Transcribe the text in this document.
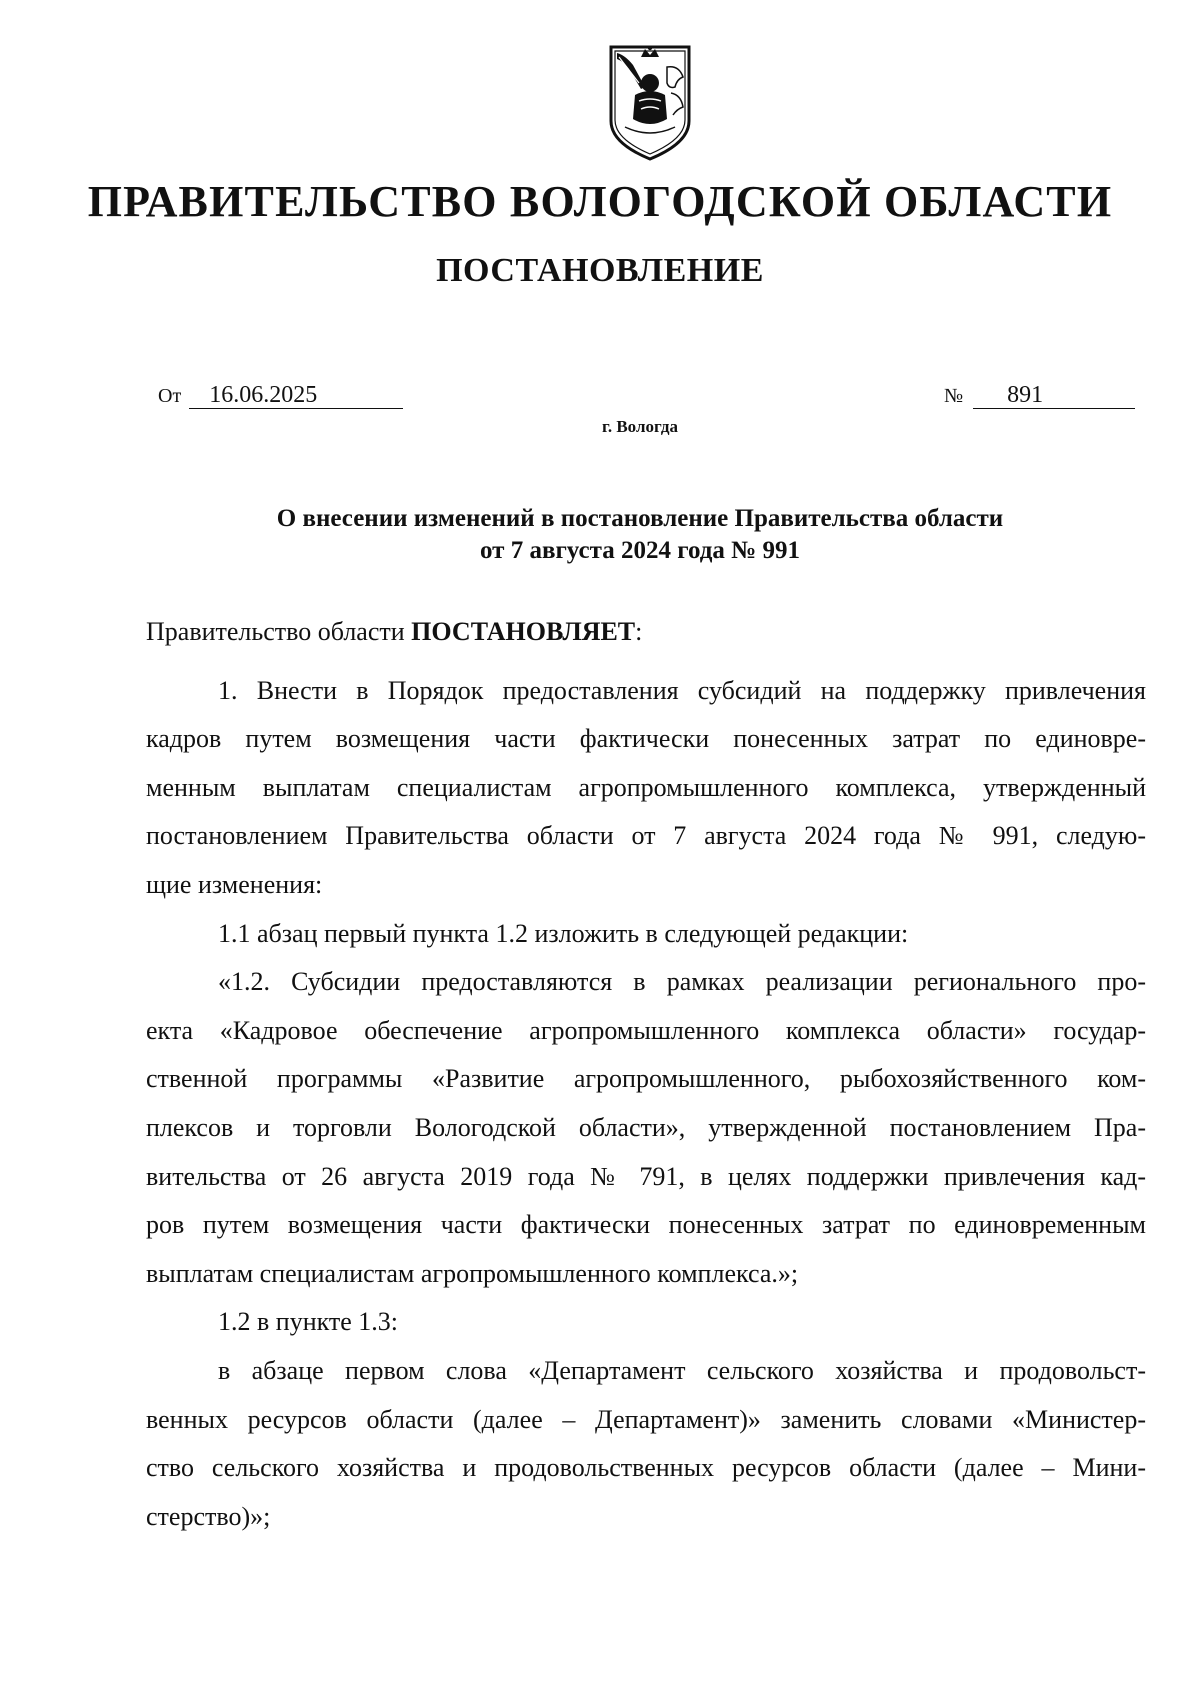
ПРАВИТЕЛЬСТВО ВОЛОГОДСКОЙ ОБЛАСТИ
ПОСТАНОВЛЕНИЕ
От 16.06.2025	№ 891
г. Вологда
О внесении изменений в постановление Правительства области
от 7 августа 2024 года № 991

Правительство области ПОСТАНОВЛЯЕТ:

1. Внести в Порядок предоставления субсидий на поддержку привлечения
кадров путем возмещения части фактически понесенных затрат по единовре-
менным выплатам специалистам агропромышленного комплекса, утвержденный
постановлением Правительства области от 7 августа 2024 года № 991, следую-
щие изменения:

1.1 абзац первый пункта 1.2 изложить в следующей редакции:

«1.2. Субсидии предоставляются в рамках реализации регионального про-
екта «Кадровое обеспечение агропромышленного комплекса области» государ-
ственной программы «Развитие агропромышленного, рыбохозяйственного ком-
плексов и торговли Вологодской области», утвержденной постановлением Пра-
вительства от 26 августа 2019 года № 791, в целях поддержки привлечения кад-
ров путем возмещения части фактически понесенных затрат по единовременным
выплатам специалистам агропромышленного комплекса.»;

1.2 в пункте 1.3:

в абзаце первом слова «Департамент сельского хозяйства и продовольст-
венных ресурсов области (далее – Департамент)» заменить словами «Министер-
ство сельского хозяйства и продовольственных ресурсов области (далее – Мини-
стерство)»;
